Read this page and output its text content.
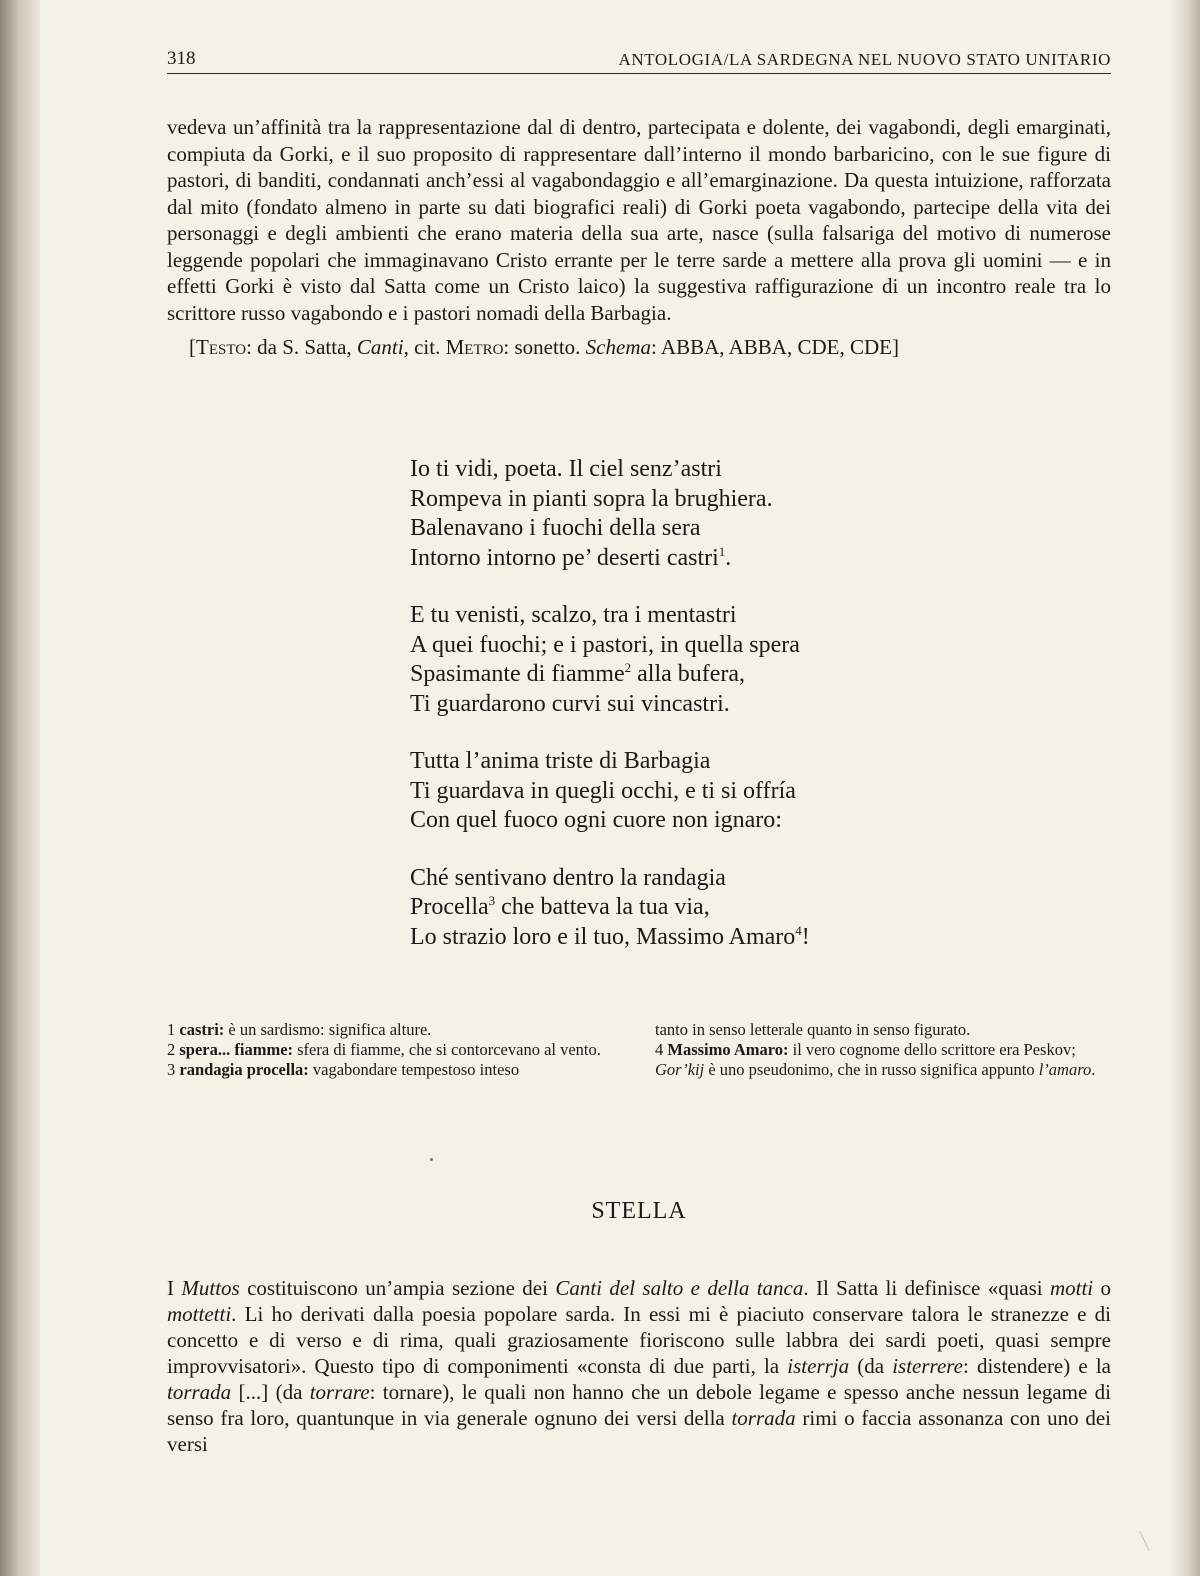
318	ANTOLOGIA/LA SARDEGNA NEL NUOVO STATO UNITARIO

vedeva un’affinità tra la rappresentazione dal di dentro, partecipata e dolente, dei vagabondi, degli emarginati, compiuta da Gorki, e il suo proposito di rappresentare dall’interno il mondo barbaricino, con le sue figure di pastori, di banditi, condannati anch’essi al vagabondaggio e all’emarginazione. Da questa intuizione, rafforzata dal mito (fondato almeno in parte su dati biografici reali) di Gorki poeta vagabondo, partecipe della vita dei personaggi e degli ambienti che erano materia della sua arte, nasce (sulla falsariga del motivo di numerose leggende popolari che immaginavano Cristo errante per le terre sarde a mettere alla prova gli uomini — e in effetti Gorki è visto dal Satta come un Cristo laico) la suggestiva raffigurazione di un incontro reale tra lo scrittore russo vagabondo e i pastori nomadi della Barbagia.

[Testo: da S. Satta, Canti, cit. Metro: sonetto. Schema: ABBA, ABBA, CDE, CDE]

Io ti vidi, poeta. Il ciel senz’astri
Rompeva in pianti sopra la brughiera.
Balenavano i fuochi della sera
Intorno intorno pe’ deserti castri$^1$.
E tu venisti, scalzo, tra i mentastri
A quei fuochi; e i pastori, in quella spera
Spasimante di fiamme$^2$ alla bufera,
Ti guardarono curvi sui vincastri.
Tutta l’anima triste di Barbagia
Ti guardava in quegli occhi, e ti si offría
Con quel fuoco ogni cuore non ignaro:
Ché sentivano dentro la randagia
Procella$^3$ che batteva la tua via,
Lo strazio loro e il tuo, Massimo Amaro$^4$!
1 castri: è un sardismo: significa alture.
2 spera... fiamme: sfera di fiamme, che si contorcevano al vento.
3 randagia procella: vagabondare tempestoso inteso
tanto in senso letterale quanto in senso figurato.
4 Massimo Amaro: il vero cognome dello scrittore era Peskov; Gor’kij è uno pseudonimo, che in russo significa appunto l’amaro.
STELLA

I Muttos costituiscono un’ampia sezione dei Canti del salto e della tanca. Il Satta li definisce «quasi motti o mottetti. Li ho derivati dalla poesia popolare sarda. In essi mi è piaciuto conservare talora le stranezze e di concetto e di verso e di rima, quali graziosamente fioriscono sulle labbra dei sardi poeti, quasi sempre improvvisatori». Questo tipo di componimenti «consta di due parti, la isterrja (da isterrere: distendere) e la torrada [...] (da torrare: tornare), le quali non hanno che un debole legame e spesso anche nessun legame di senso fra loro, quantunque in via generale ognuno dei versi della torrada rimi o faccia assonanza con uno dei versi
